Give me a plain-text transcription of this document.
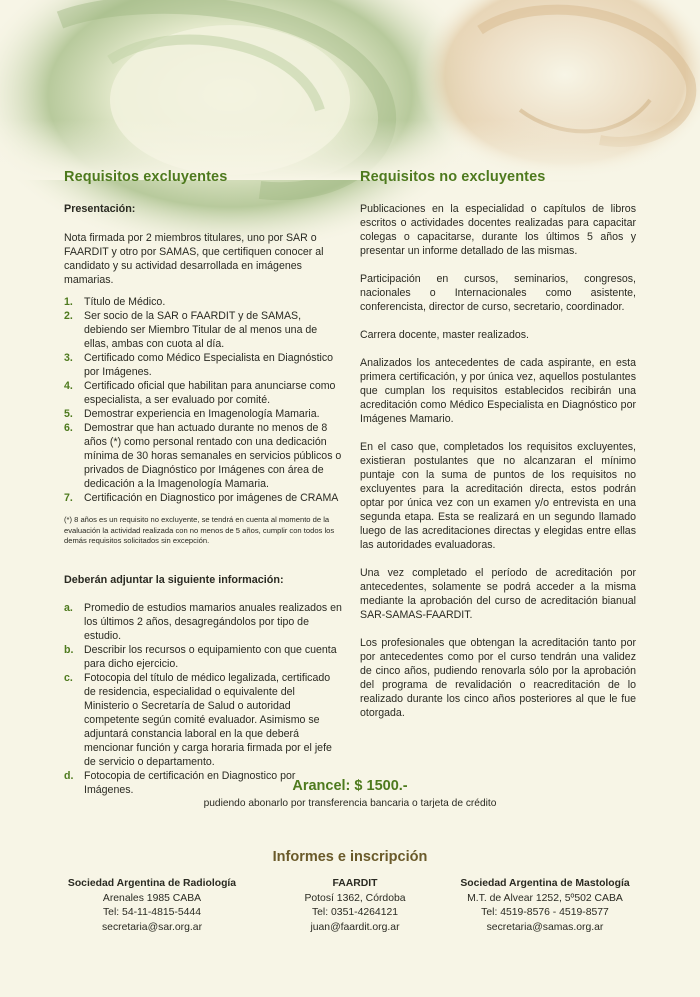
Requisitos excluyentes
Presentación:

Nota firmada por 2 miembros titulares, uno por SAR o FAARDIT y otro por SAMAS, que certifiquen conocer al candidato y su actividad desarrollada en imágenes mamarias.

1. Título de Médico.
2. Ser socio de la SAR o FAARDIT y de SAMAS, debiendo ser Miembro Titular de al menos una de ellas, ambas con cuota al día.
3. Certificado como Médico Especialista en Diagnóstico por Imágenes.
4. Certificado oficial que habilitan para anunciarse como especialista, a ser evaluado por comité.
5. Demostrar experiencia en Imagenología Mamaria.
6. Demostrar que han actuado durante no menos de 8 años (*) como personal rentado con una dedicación mínima de 30 horas semanales en servicios públicos o privados de Diagnóstico por Imágenes con área de dedicación a la Imagenología Mamaria.
7. Certificación en Diagnostico por imágenes de CRAMA

(*) 8 años es un requisito no excluyente, se tendrá en cuenta al momento de la evaluación la actividad realizada con no menos de 5 años, cumplir con todos los demás requisitos solicitados sin excepción.

Deberán adjuntar la siguiente información:
a. Promedio de estudios mamarios anuales realizados en los últimos 2 años, desagregándolos por tipo de estudio.
b. Describir los recursos o equipamiento con que cuenta para dicho ejercicio.
c. Fotocopia del título de médico legalizada, certificado de residencia, especialidad o equivalente del Ministerio o Secretaría de Salud o autoridad competente según comité evaluador. Asimismo se adjuntará constancia laboral en la que deberá mencionar función y carga horaria firmada por el jefe de servicio o departamento.
d. Fotocopia de certificación en Diagnostico por Imágenes.
Requisitos no excluyentes

Publicaciones en la especialidad o capítulos de libros escritos o actividades docentes realizadas para capacitar colegas o capacitarse, durante los últimos 5 años y presentar un informe detallado de las mismas.

Participación en cursos, seminarios, congresos, nacionales o Internacionales como asistente, conferencista, director de curso, secretario, coordinador.

Carrera docente, master realizados.

Analizados los antecedentes de cada aspirante, en esta primera certificación, y por única vez, aquellos postulantes que cumplan los requisitos establecidos recibirán una acreditación como Médico Especialista en Diagnóstico por Imágenes Mamario.

En el caso que, completados los requisitos excluyentes, existieran postulantes que no alcanzaran el mínimo puntaje con la suma de puntos de los requisitos no excluyentes para la acreditación directa, estos podrán optar por única vez con un examen y/o entrevista en una segunda etapa. Esta se realizará en un segundo llamado luego de las acreditaciones directas y elegidas entre ellas las autoridades evaluadoras.

Una vez completado el período de acreditación por antecedentes, solamente se podrá acceder a la misma mediante la aprobación del curso de acreditación bianual SAR-SAMAS-FAARDIT.

Los profesionales que obtengan la acreditación tanto por por antecedentes como por el curso tendrán una validez de cinco años, pudiendo renovarla sólo por la aprobación del programa de revalidación o reacreditación de lo realizado durante los cinco años posteriores al que le fue otorgada.

Arancel: $ 1500.-
pudiendo abonarlo por transferencia bancaria o tarjeta de crédito
Informes e inscripción
Sociedad Argentina de Radiología
Arenales 1985 CABA
Tel: 54-11-4815-5444
secretaria@sar.org.ar
FAARDIT
Potosí 1362, Córdoba
Tel: 0351-4264121
juan@faardit.org.ar
Sociedad Argentina de Mastología
M.T. de Alvear 1252, 5º502 CABA
Tel: 4519-8576 - 4519-8577
secretaria@samas.org.ar
